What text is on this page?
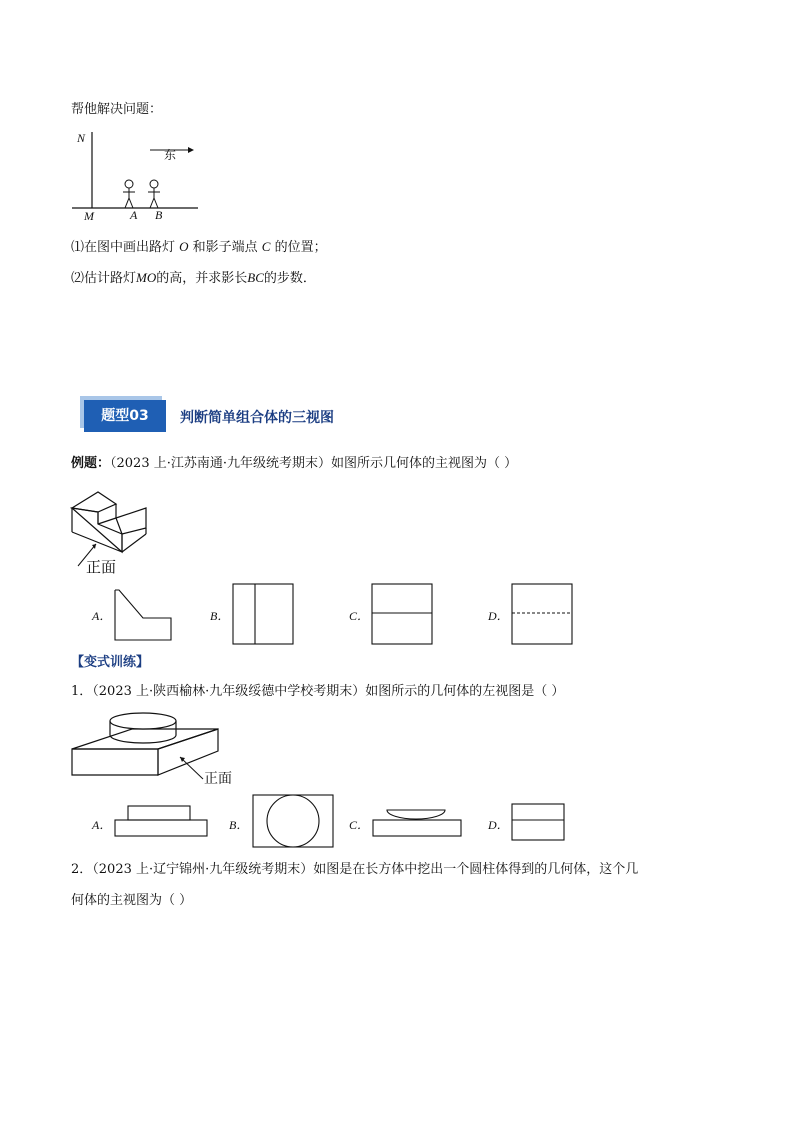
帮他解决问题：
N
M	A B
东
⑴在图中画出路灯 O 和影子端点 C 的位置；
⑵估计路灯MO的高，并求影长BC的步数．
题型03	判断简单组合体的三视图
例题：（2023 上·江苏南通·九年级统考期末）如图所示几何体的主视图为（ ）
正面
A．	B．	C．	D．
【变式训练】
1．（2023 上·陕西榆林·九年级绥德中学校考期末）如图所示的几何体的左视图是（ ）
正面
A．	B．	C．	D．
2．（2023 上·辽宁锦州·九年级统考期末）如图是在长方体中挖出一个圆柱体得到的几何体，这个几
何体的主视图为（ ）
